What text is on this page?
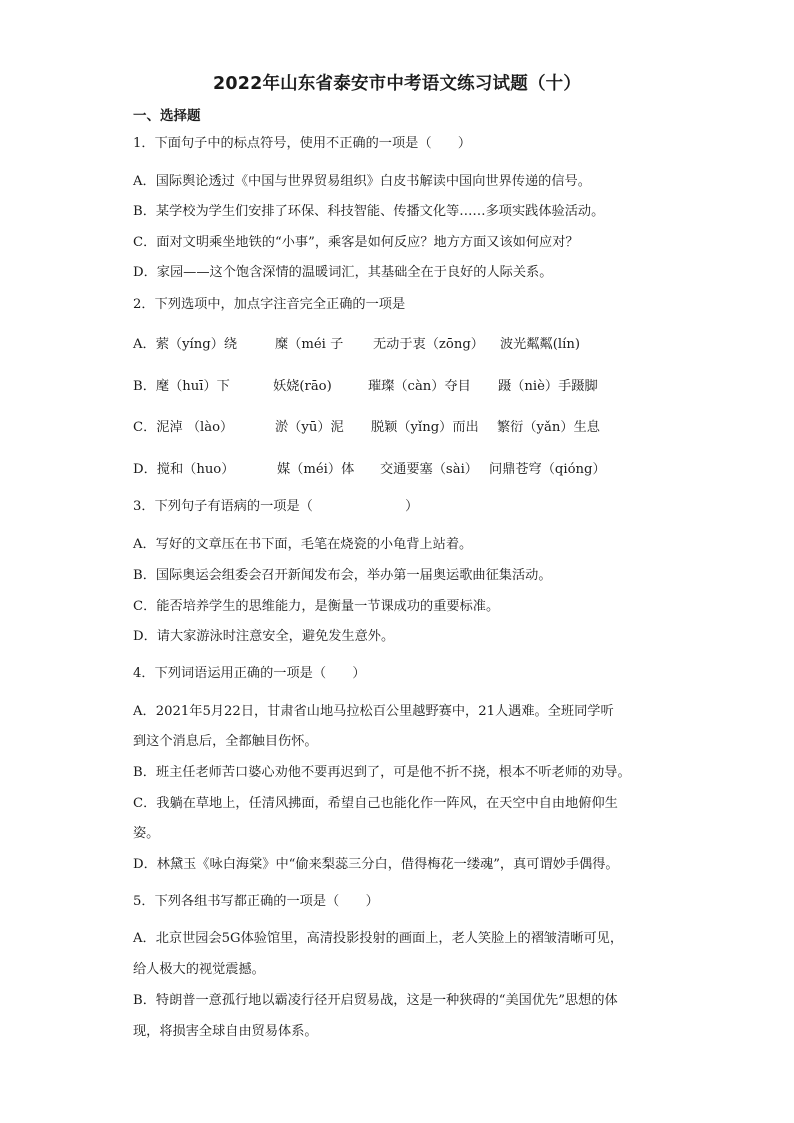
2022年山东省泰安市中考语文练习试题（十）
一、选择题
1．下面句子中的标点符号，使用不正确的一项是（　　）
A．国际舆论透过《中国与世界贸易组织》白皮书解读中国向世界传递的信号。
B．某学校为学生们安排了环保、科技智能、传播文化等……多项实践体验活动。
C．面对文明乘坐地铁的“小事”，乘客是如何反应？地方方面又该如何应对？
D．家园——这个饱含深情的温暖词汇，其基础全在于良好的人际关系。
2．下列选项中，加点字注音完全正确的一项是
A．萦（yíng）绕	糜（méi 子 无动于衷（zōng） 波光粼粼(lín)
B．麾（huī）下	妖娆(rāo)	璀璨（càn）夺目 蹑（niè）手蹑脚
C．泥淖 （lào）	淤（yū）泥 脱颖（yǐng）而出 繁衍（yǎn）生息
D．搅和（huo）	媒（méi）体 交通要塞（sài） 问鼎苍穹（qióng）
3．下列句子有语病的一项是（　　　　　　　）
A．写好的文章压在书下面，毛笔在烧瓷的小龟背上站着。
B．国际奥运会组委会召开新闻发布会，举办第一届奥运歌曲征集活动。
C．能否培养学生的思维能力，是衡量一节课成功的重要标准。
D．请大家游泳时注意安全，避免发生意外。
4．下列词语运用正确的一项是（　　）
A．2021年5月22日，甘肃省山地马拉松百公里越野赛中，21人遇难。全班同学听
到这个消息后，全都触目伤怀。
B．班主任老师苦口婆心劝他不要再迟到了，可是他不折不挠，根本不听老师的劝导。
C．我躺在草地上，任清风拂面，希望自己也能化作一阵风，在天空中自由地俯仰生
姿。
D．林黛玉《咏白海棠》中“偷来梨蕊三分白，借得梅花一缕魂”，真可谓妙手偶得。
5．下列各组书写都正确的一项是（　　）
A．北京世园会5G体验馆里，高清投影投射的画面上，老人笑脸上的褶皱清晰可见，
给人极大的视觉震撼。
B．特朗普一意孤行地以霸凌行径开启贸易战，这是一种狭碍的“美国优先”思想的体
现，将损害全球自由贸易体系。
